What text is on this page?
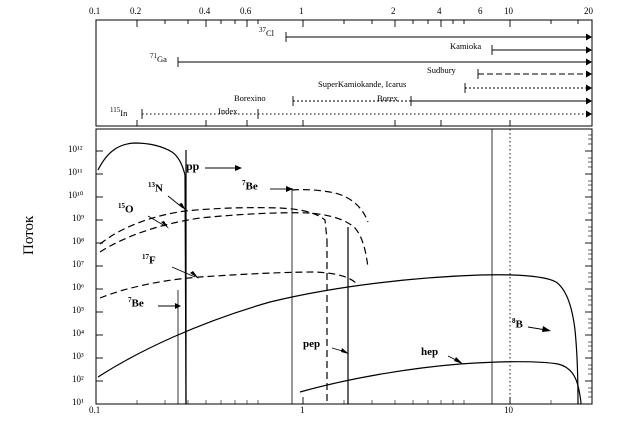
Поток
0.1	0.2	0.4	0.6	1	2	4	6 10	20
$^{37}$Cl
Kamioka
$^{71}$Ga
Sudbury
SuperKamiokande, Icarus
Borexino	Borex
$^{115}$In	Index
10¹²
10¹¹
10¹⁰
10⁹
10⁸
10⁷
10⁶
10⁵
10⁴
10³
10²
10¹
0.1	1	10
pp
$^{13}$N
$^{15}$O
$^7$Be
$^{17}$F
$^7$Be
pep
hep
$^8$B
